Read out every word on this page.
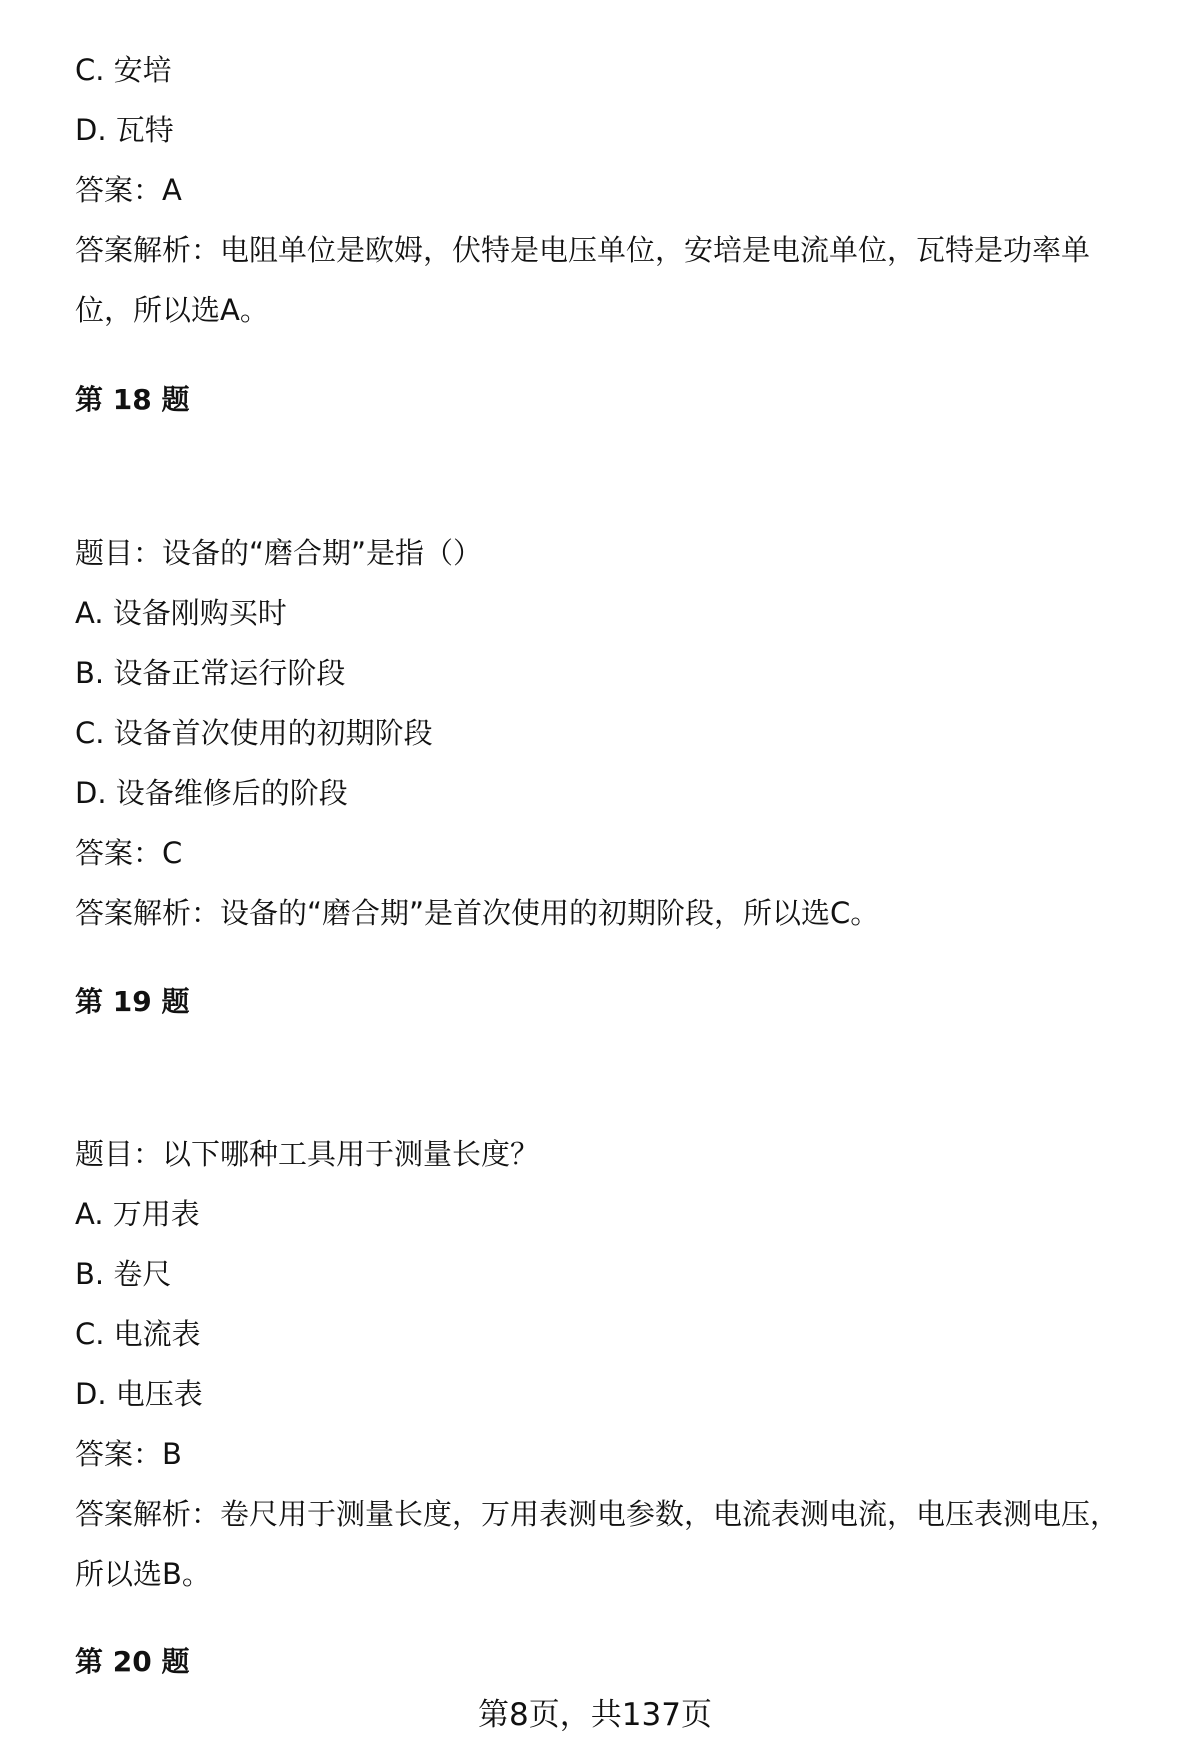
C. 安培
D. 瓦特
答案：A
答案解析：电阻单位是欧姆，伏特是电压单位，安培是电流单位，瓦特是功率单
位，所以选A。
第 18 题
题目：设备的“磨合期”是指（）
A. 设备刚购买时
B. 设备正常运行阶段
C. 设备首次使用的初期阶段
D. 设备维修后的阶段
答案：C
答案解析：设备的“磨合期”是首次使用的初期阶段，所以选C。
第 19 题
题目：以下哪种工具用于测量长度？
A. 万用表
B. 卷尺
C. 电流表
D. 电压表
答案：B
答案解析：卷尺用于测量长度，万用表测电参数，电流表测电流，电压表测电压，
所以选B。
第 20 题
第8页，共137页
